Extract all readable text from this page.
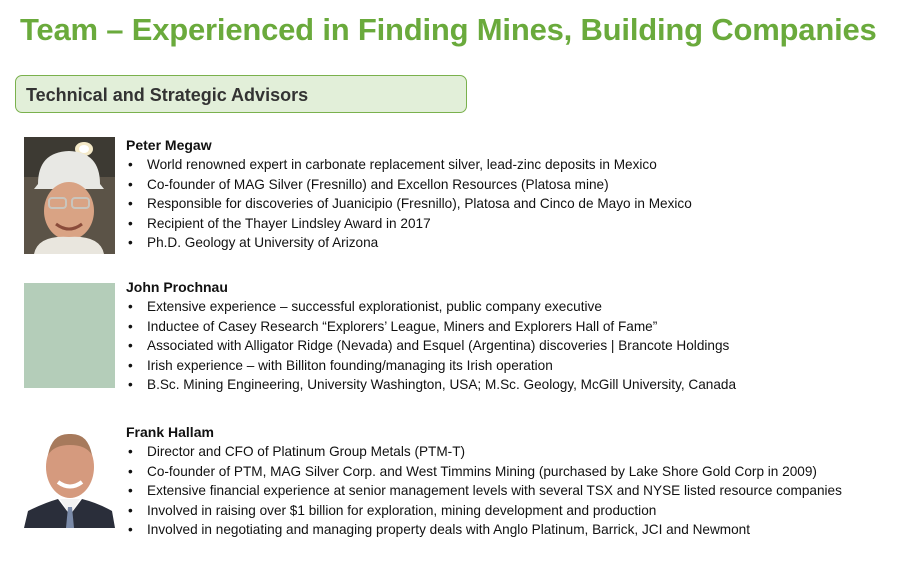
Team – Experienced in Finding Mines, Building Companies
Technical and Strategic Advisors
Peter Megaw
• World renowned expert in carbonate replacement silver, lead-zinc deposits in Mexico
• Co-founder of MAG Silver (Fresnillo) and Excellon Resources (Platosa mine)
• Responsible for discoveries of Juanicipio (Fresnillo), Platosa and Cinco de Mayo in Mexico
• Recipient of the Thayer Lindsley Award in 2017
• Ph.D. Geology at University of Arizona
John Prochnau
• Extensive experience – successful explorationist, public company executive
• Inductee of Casey Research “Explorers’ League, Miners and Explorers Hall of Fame”
• Associated with Alligator Ridge (Nevada) and Esquel (Argentina) discoveries | Brancote Holdings
• Irish experience – with Billiton founding/managing its Irish operation
• B.Sc. Mining Engineering, University Washington, USA; M.Sc. Geology, McGill University, Canada
Frank Hallam
• Director and CFO of Platinum Group Metals (PTM-T)
• Co-founder of PTM, MAG Silver Corp. and West Timmins Mining (purchased by Lake Shore Gold Corp in 2009)
• Extensive financial experience at senior management levels with several TSX and NYSE listed resource companies
• Involved in raising over $1 billion for exploration, mining development and production
• Involved in negotiating and managing property deals with Anglo Platinum, Barrick, JCI and Newmont
